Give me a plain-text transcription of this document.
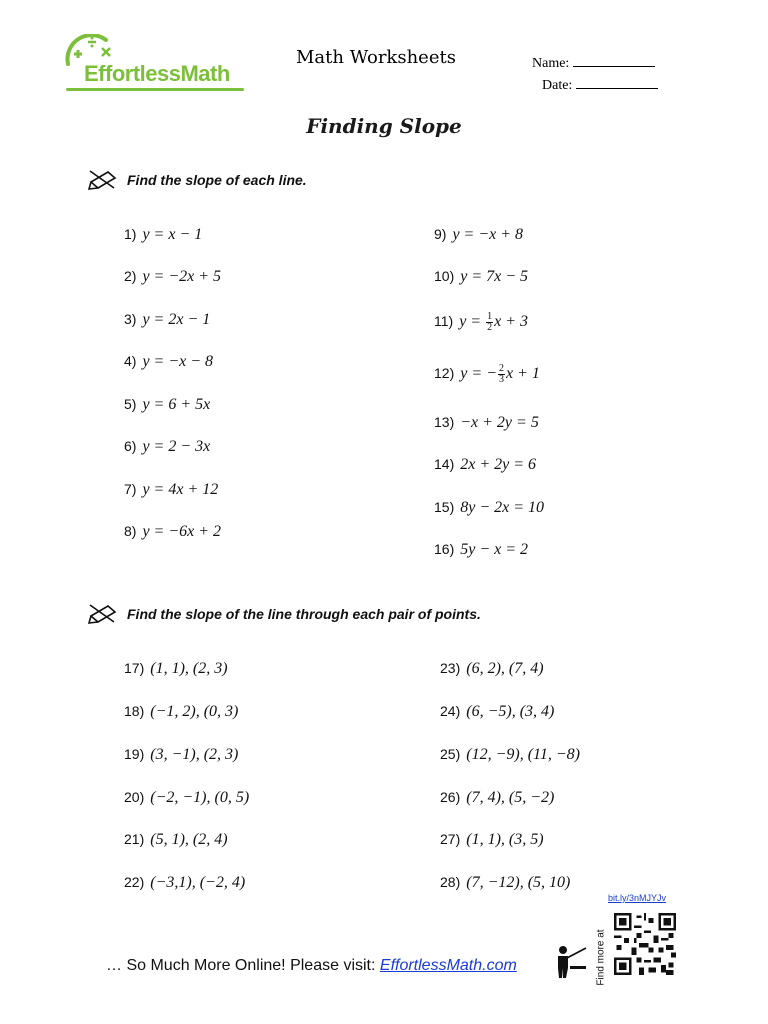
EffortlessMath
Math Worksheets	Name:
Date:
Finding Slope
Find the slope of each line.
1) y = x − 1
2) y = −2x + 5
3) y = 2x − 1
4) y = −x − 8
5) y = 6 + 5x
6) y = 2 − 3x
7) y = 4x + 12
8) y = −6x + 2
9) y = −x + 8
10) y = 7x − 5
11) $y = \frac{1}{2}$ x + 3
12) y = − $\frac{2}{3}$ x + 1
13) −x + 2y = 5
14) 2x + 2y = 6
15) 8y − 2x = 10
16) 5y − x = 2
Find the slope of the line through each pair of points.
17) (1, 1), (2, 3)
18) (−1, 2), (0, 3)
19) (3, −1), (2, 3)
20) (−2, −1), (0, 5)
21) (5, 1), (2, 4)
22) (−3,1), (−2, 4)
23) (6, 2), (7, 4)
24) (6, −5), (3, 4)
25) (12, −9), (11, −8)
26) (7, 4), (5, −2)
27) (1, 1), (3, 5)
28) (7, −12), (5, 10)
… So Much More Online! Please visit: EffortlessMath.com
bit.ly/3nMJYJv
Find more at
